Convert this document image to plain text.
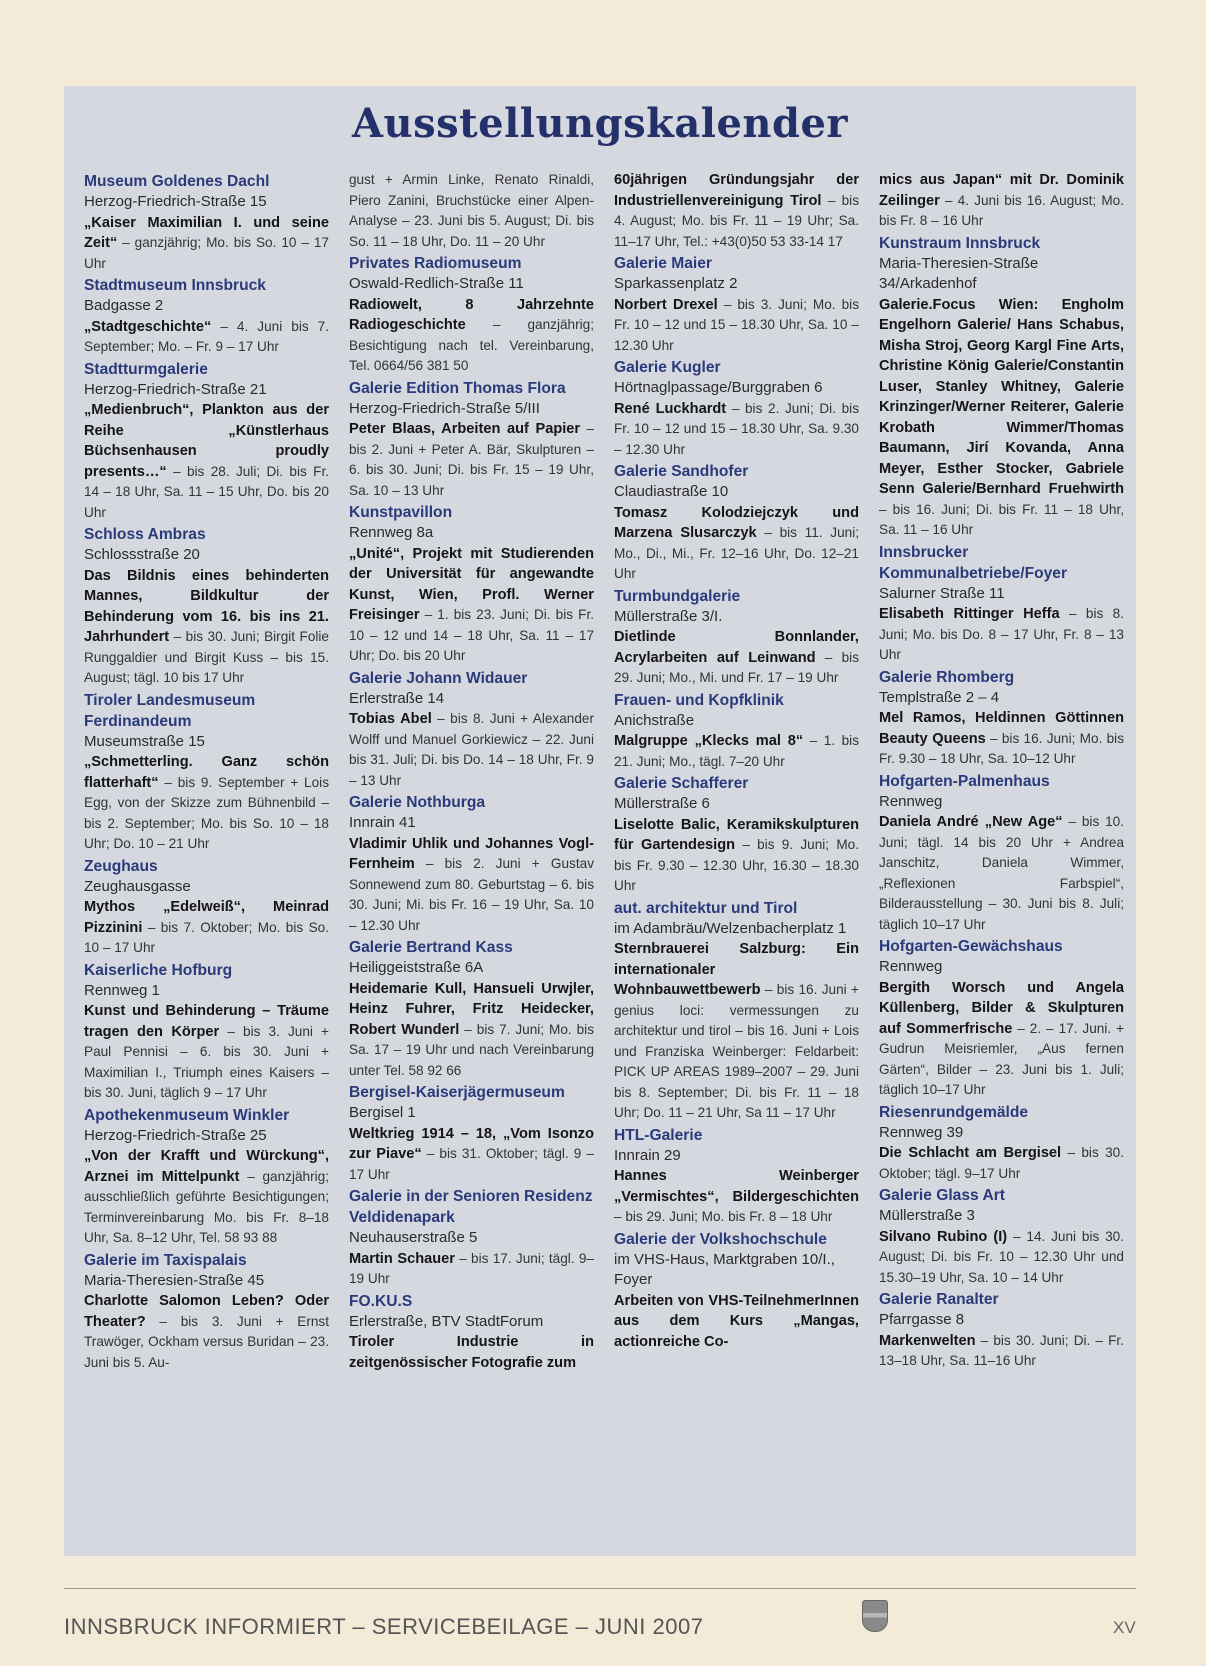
Ausstellungskalender
Museum Goldenes Dachl
Herzog-Friedrich-Straße 15
„Kaiser Maximilian I. und seine Zeit“ – ganzjährig; Mo. bis So. 10 – 17 Uhr
Stadtmuseum Innsbruck
Badgasse 2
„Stadtgeschichte“ – 4. Juni bis 7. September; Mo. – Fr. 9 – 17 Uhr
Stadtturmgalerie
Herzog-Friedrich-Straße 21
„Medienbruch“, Plankton aus der Reihe „Künstlerhaus Büchsenhausen proudly presents…“ – bis 28. Juli; Di. bis Fr. 14 – 18 Uhr, Sa. 11 – 15 Uhr, Do. bis 20 Uhr
Schloss Ambras
Schlossstraße 20
Das Bildnis eines behinderten Mannes, Bildkultur der Behinderung vom 16. bis ins 21. Jahrhundert – bis 30. Juni; Birgit Folie Runggaldier und Birgit Kuss – bis 15. August; tägl. 10 bis 17 Uhr
Tiroler Landesmuseum Ferdinandeum
Museumstraße 15
„Schmetterling. Ganz schön flatterhaft“ – bis 9. September + Lois Egg, von der Skizze zum Bühnenbild – bis 2. September; Mo. bis So. 10 – 18 Uhr; Do. 10 – 21 Uhr
Zeughaus
Zeughausgasse
Mythos „Edelweiß“, Meinrad Pizzinini – bis 7. Oktober; Mo. bis So. 10 – 17 Uhr
Kaiserliche Hofburg
Rennweg 1
Kunst und Behinderung – Träume tragen den Körper – bis 3. Juni + Paul Pennisi – 6. bis 30. Juni + Maximilian I., Triumph eines Kaisers – bis 30. Juni, täglich 9 – 17 Uhr
Apothekenmuseum Winkler
Herzog-Friedrich-Straße 25
„Von der Krafft und Würckung“, Arznei im Mittelpunkt – ganzjährig; ausschließlich geführte Besichtigungen; Terminvereinbarung Mo. bis Fr. 8–18 Uhr, Sa. 8–12 Uhr, Tel. 58 93 88
Galerie im Taxispalais
Maria-Theresien-Straße 45
Charlotte Salomon Leben? Oder Theater? – bis 3. Juni + Ernst Trawöger, Ockham versus Buridan – 23. Juni bis 5. Au-
gust + Armin Linke, Renato Rinaldi, Piero Zanini, Bruchstücke einer Alpen-Analyse – 23. Juni bis 5. August; Di. bis So. 11 – 18 Uhr, Do. 11 – 20 Uhr
Privates Radiomuseum
Oswald-Redlich-Straße 11
Radiowelt, 8 Jahrzehnte Radiogeschichte – ganzjährig; Besichtigung nach tel. Vereinbarung, Tel. 0664/56 381 50
Galerie Edition Thomas Flora
Herzog-Friedrich-Straße 5/III
Peter Blaas, Arbeiten auf Papier – bis 2. Juni + Peter A. Bär, Skulpturen – 6. bis 30. Juni; Di. bis Fr. 15 – 19 Uhr, Sa. 10 – 13 Uhr
Kunstpavillon
Rennweg 8a
„Unité“, Projekt mit Studierenden der Universität für angewandte Kunst, Wien, Profl. Werner Freisinger – 1. bis 23. Juni; Di. bis Fr. 10 – 12 und 14 – 18 Uhr, Sa. 11 – 17 Uhr; Do. bis 20 Uhr
Galerie Johann Widauer
Erlerstraße 14
Tobias Abel – bis 8. Juni + Alexander Wolff und Manuel Gorkiewicz – 22. Juni bis 31. Juli; Di. bis Do. 14 – 18 Uhr, Fr. 9 – 13 Uhr
Galerie Nothburga
Innrain 41
Vladimir Uhlik und Johannes Vogl-Fernheim – bis 2. Juni + Gustav Sonnewend zum 80. Geburtstag – 6. bis 30. Juni; Mi. bis Fr. 16 – 19 Uhr, Sa. 10 – 12.30 Uhr
Galerie Bertrand Kass
Heiliggeiststraße 6A
Heidemarie Kull, Hansueli Urwjler, Heinz Fuhrer, Fritz Heidecker, Robert Wunderl – bis 7. Juni; Mo. bis Sa. 17 – 19 Uhr und nach Vereinbarung unter Tel. 58 92 66
Bergisel-Kaiserjägermuseum
Bergisel 1
Weltkrieg 1914 – 18, „Vom Isonzo zur Piave“ – bis 31. Oktober; tägl. 9 – 17 Uhr
Galerie in der Senioren Residenz Veldidenapark
Neuhauserstraße 5
Martin Schauer – bis 17. Juni; tägl. 9–19 Uhr
FO.KU.S
Erlerstraße, BTV StadtForum
Tiroler Industrie in zeitgenössischer Fotografie zum
60jährigen Gründungsjahr der Industriellenvereinigung Tirol – bis 4. August; Mo. bis Fr. 11 – 19 Uhr; Sa. 11–17 Uhr, Tel.: +43(0)50 53 33-14 17
Galerie Maier
Sparkassenplatz 2
Norbert Drexel – bis 3. Juni; Mo. bis Fr. 10 – 12 und 15 – 18.30 Uhr, Sa. 10 – 12.30 Uhr
Galerie Kugler
Hörtnaglpassage/Burggraben 6
René Luckhardt – bis 2. Juni; Di. bis Fr. 10 – 12 und 15 – 18.30 Uhr, Sa. 9.30 – 12.30 Uhr
Galerie Sandhofer
Claudiastraße 10
Tomasz Kolodziejczyk und Marzena Slusarczyk – bis 11. Juni; Mo., Di., Mi., Fr. 12–16 Uhr, Do. 12–21 Uhr
Turmbundgalerie
Müllerstraße 3/I.
Dietlinde Bonnlander, Acrylarbeiten auf Leinwand – bis 29. Juni; Mo., Mi. und Fr. 17 – 19 Uhr
Frauen- und Kopfklinik
Anichstraße
Malgruppe „Klecks mal 8“ – 1. bis 21. Juni; Mo., tägl. 7–20 Uhr
Galerie Schafferer
Müllerstraße 6
Liselotte Balic, Keramikskulpturen für Gartendesign – bis 9. Juni; Mo. bis Fr. 9.30 – 12.30 Uhr, 16.30 – 18.30 Uhr
aut. architektur und Tirol
im Adambräu/Welzenbacherplatz 1
Sternbrauerei Salzburg: Ein internationaler Wohnbauwettbewerb – bis 16. Juni + genius loci: vermessungen zu architektur und tirol – bis 16. Juni + Lois und Franziska Weinberger: Feldarbeit: PICK UP AREAS 1989–2007 – 29. Juni bis 8. September; Di. bis Fr. 11 – 18 Uhr; Do. 11 – 21 Uhr, Sa 11 – 17 Uhr
HTL-Galerie
Innrain 29
Hannes Weinberger „Vermischtes“, Bildergeschichten – bis 29. Juni; Mo. bis Fr. 8 – 18 Uhr
Galerie der Volkshochschule
im VHS-Haus, Marktgraben 10/I., Foyer
Arbeiten von VHS-TeilnehmerInnen aus dem Kurs „Mangas, actionreiche Co-
mics aus Japan“ mit Dr. Dominik Zeilinger – 4. Juni bis 16. August; Mo. bis Fr. 8 – 16 Uhr
Kunstraum Innsbruck
Maria-Theresien-Straße 34/Arkadenhof
Galerie.Focus Wien: Engholm Engelhorn Galerie/ Hans Schabus, Misha Stroj, Georg Kargl Fine Arts, Christine König Galerie/Constantin Luser, Stanley Whitney, Galerie Krinzinger/Werner Reiterer, Galerie Krobath Wimmer/Thomas Baumann, Jirí Kovanda, Anna Meyer, Esther Stocker, Gabriele Senn Galerie/Bernhard Fruehwirth – bis 16. Juni; Di. bis Fr. 11 – 18 Uhr, Sa. 11 – 16 Uhr
Innsbrucker Kommunalbetriebe/Foyer
Salurner Straße 11
Elisabeth Rittinger Heffa – bis 8. Juni; Mo. bis Do. 8 – 17 Uhr, Fr. 8 – 13 Uhr
Galerie Rhomberg
Templstraße 2 – 4
Mel Ramos, Heldinnen Göttinnen Beauty Queens – bis 16. Juni; Mo. bis Fr. 9.30 – 18 Uhr, Sa. 10–12 Uhr
Hofgarten-Palmenhaus
Rennweg
Daniela André „New Age“ – bis 10. Juni; tägl. 14 bis 20 Uhr + Andrea Janschitz, Daniela Wimmer, „Reflexionen Farbspiel“, Bilderausstellung – 30. Juni bis 8. Juli; täglich 10–17 Uhr
Hofgarten-Gewächshaus
Rennweg
Bergith Worsch und Angela Küllenberg, Bilder & Skulpturen auf Sommerfrische – 2. – 17. Juni. + Gudrun Meisriemler, „Aus fernen Gärten“, Bilder – 23. Juni bis 1. Juli; täglich 10–17 Uhr
Riesenrundgemälde
Rennweg 39
Die Schlacht am Bergisel – bis 30. Oktober; tägl. 9–17 Uhr
Galerie Glass Art
Müllerstraße 3
Silvano Rubino (I) – 14. Juni bis 30. August; Di. bis Fr. 10 – 12.30 Uhr und 15.30–19 Uhr, Sa. 10 – 14 Uhr
Galerie Ranalter
Pfarrgasse 8
Markenwelten – bis 30. Juni; Di. – Fr. 13–18 Uhr, Sa. 11–16 Uhr
INNSBRUCK INFORMIERT – SERVICEBEILAGE – JUNI 2007	XV
